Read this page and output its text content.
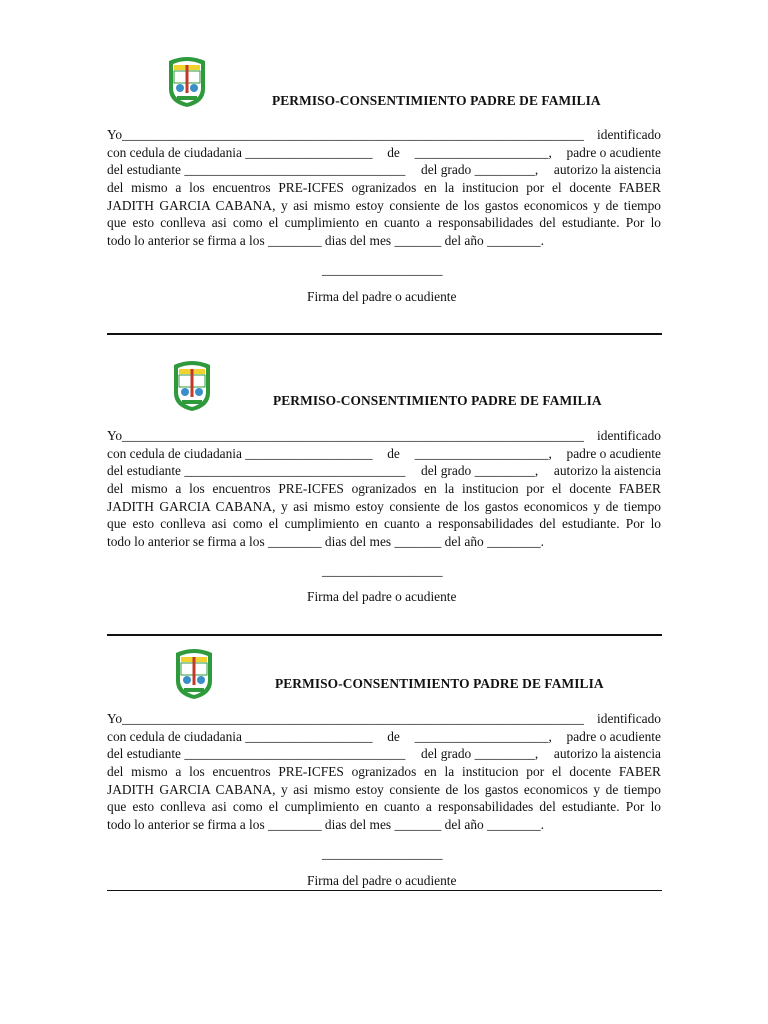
PERMISO-CONSENTIMIENTO PADRE DE FAMILIA
Yo_____________________________________________________________________ identificado
con cedula de ciudadania ___________________ de ____________________, padre o acudiente
del estudiante _________________________________ del grado _________, autorizo la aistencia
del mismo a los encuentros PRE-ICFES ogranizados en la institucion por el docente FABER
JADITH GARCIA CABANA, y asi mismo estoy consiente de los gastos economicos y de tiempo
que esto conlleva asi como el cumplimiento en cuanto a responsabilidades del estudiante. Por lo
todo lo anterior se firma a los ________ dias del mes _______ del año ________.
__________________
Firma del padre o acudiente
PERMISO-CONSENTIMIENTO PADRE DE FAMILIA
Yo_____________________________________________________________________ identificado
con cedula de ciudadania ___________________ de ____________________, padre o acudiente
del estudiante _________________________________ del grado _________, autorizo la aistencia
del mismo a los encuentros PRE-ICFES ogranizados en la institucion por el docente FABER
JADITH GARCIA CABANA, y asi mismo estoy consiente de los gastos economicos y de tiempo
que esto conlleva asi como el cumplimiento en cuanto a responsabilidades del estudiante. Por lo
todo lo anterior se firma a los ________ dias del mes _______ del año ________.
__________________
Firma del padre o acudiente
PERMISO-CONSENTIMIENTO PADRE DE FAMILIA
Yo_____________________________________________________________________ identificado
con cedula de ciudadania ___________________ de ____________________, padre o acudiente
del estudiante _________________________________ del grado _________, autorizo la aistencia
del mismo a los encuentros PRE-ICFES ogranizados en la institucion por el docente FABER
JADITH GARCIA CABANA, y asi mismo estoy consiente de los gastos economicos y de tiempo
que esto conlleva asi como el cumplimiento en cuanto a responsabilidades del estudiante. Por lo
todo lo anterior se firma a los ________ dias del mes _______ del año ________.
__________________
Firma del padre o acudiente
